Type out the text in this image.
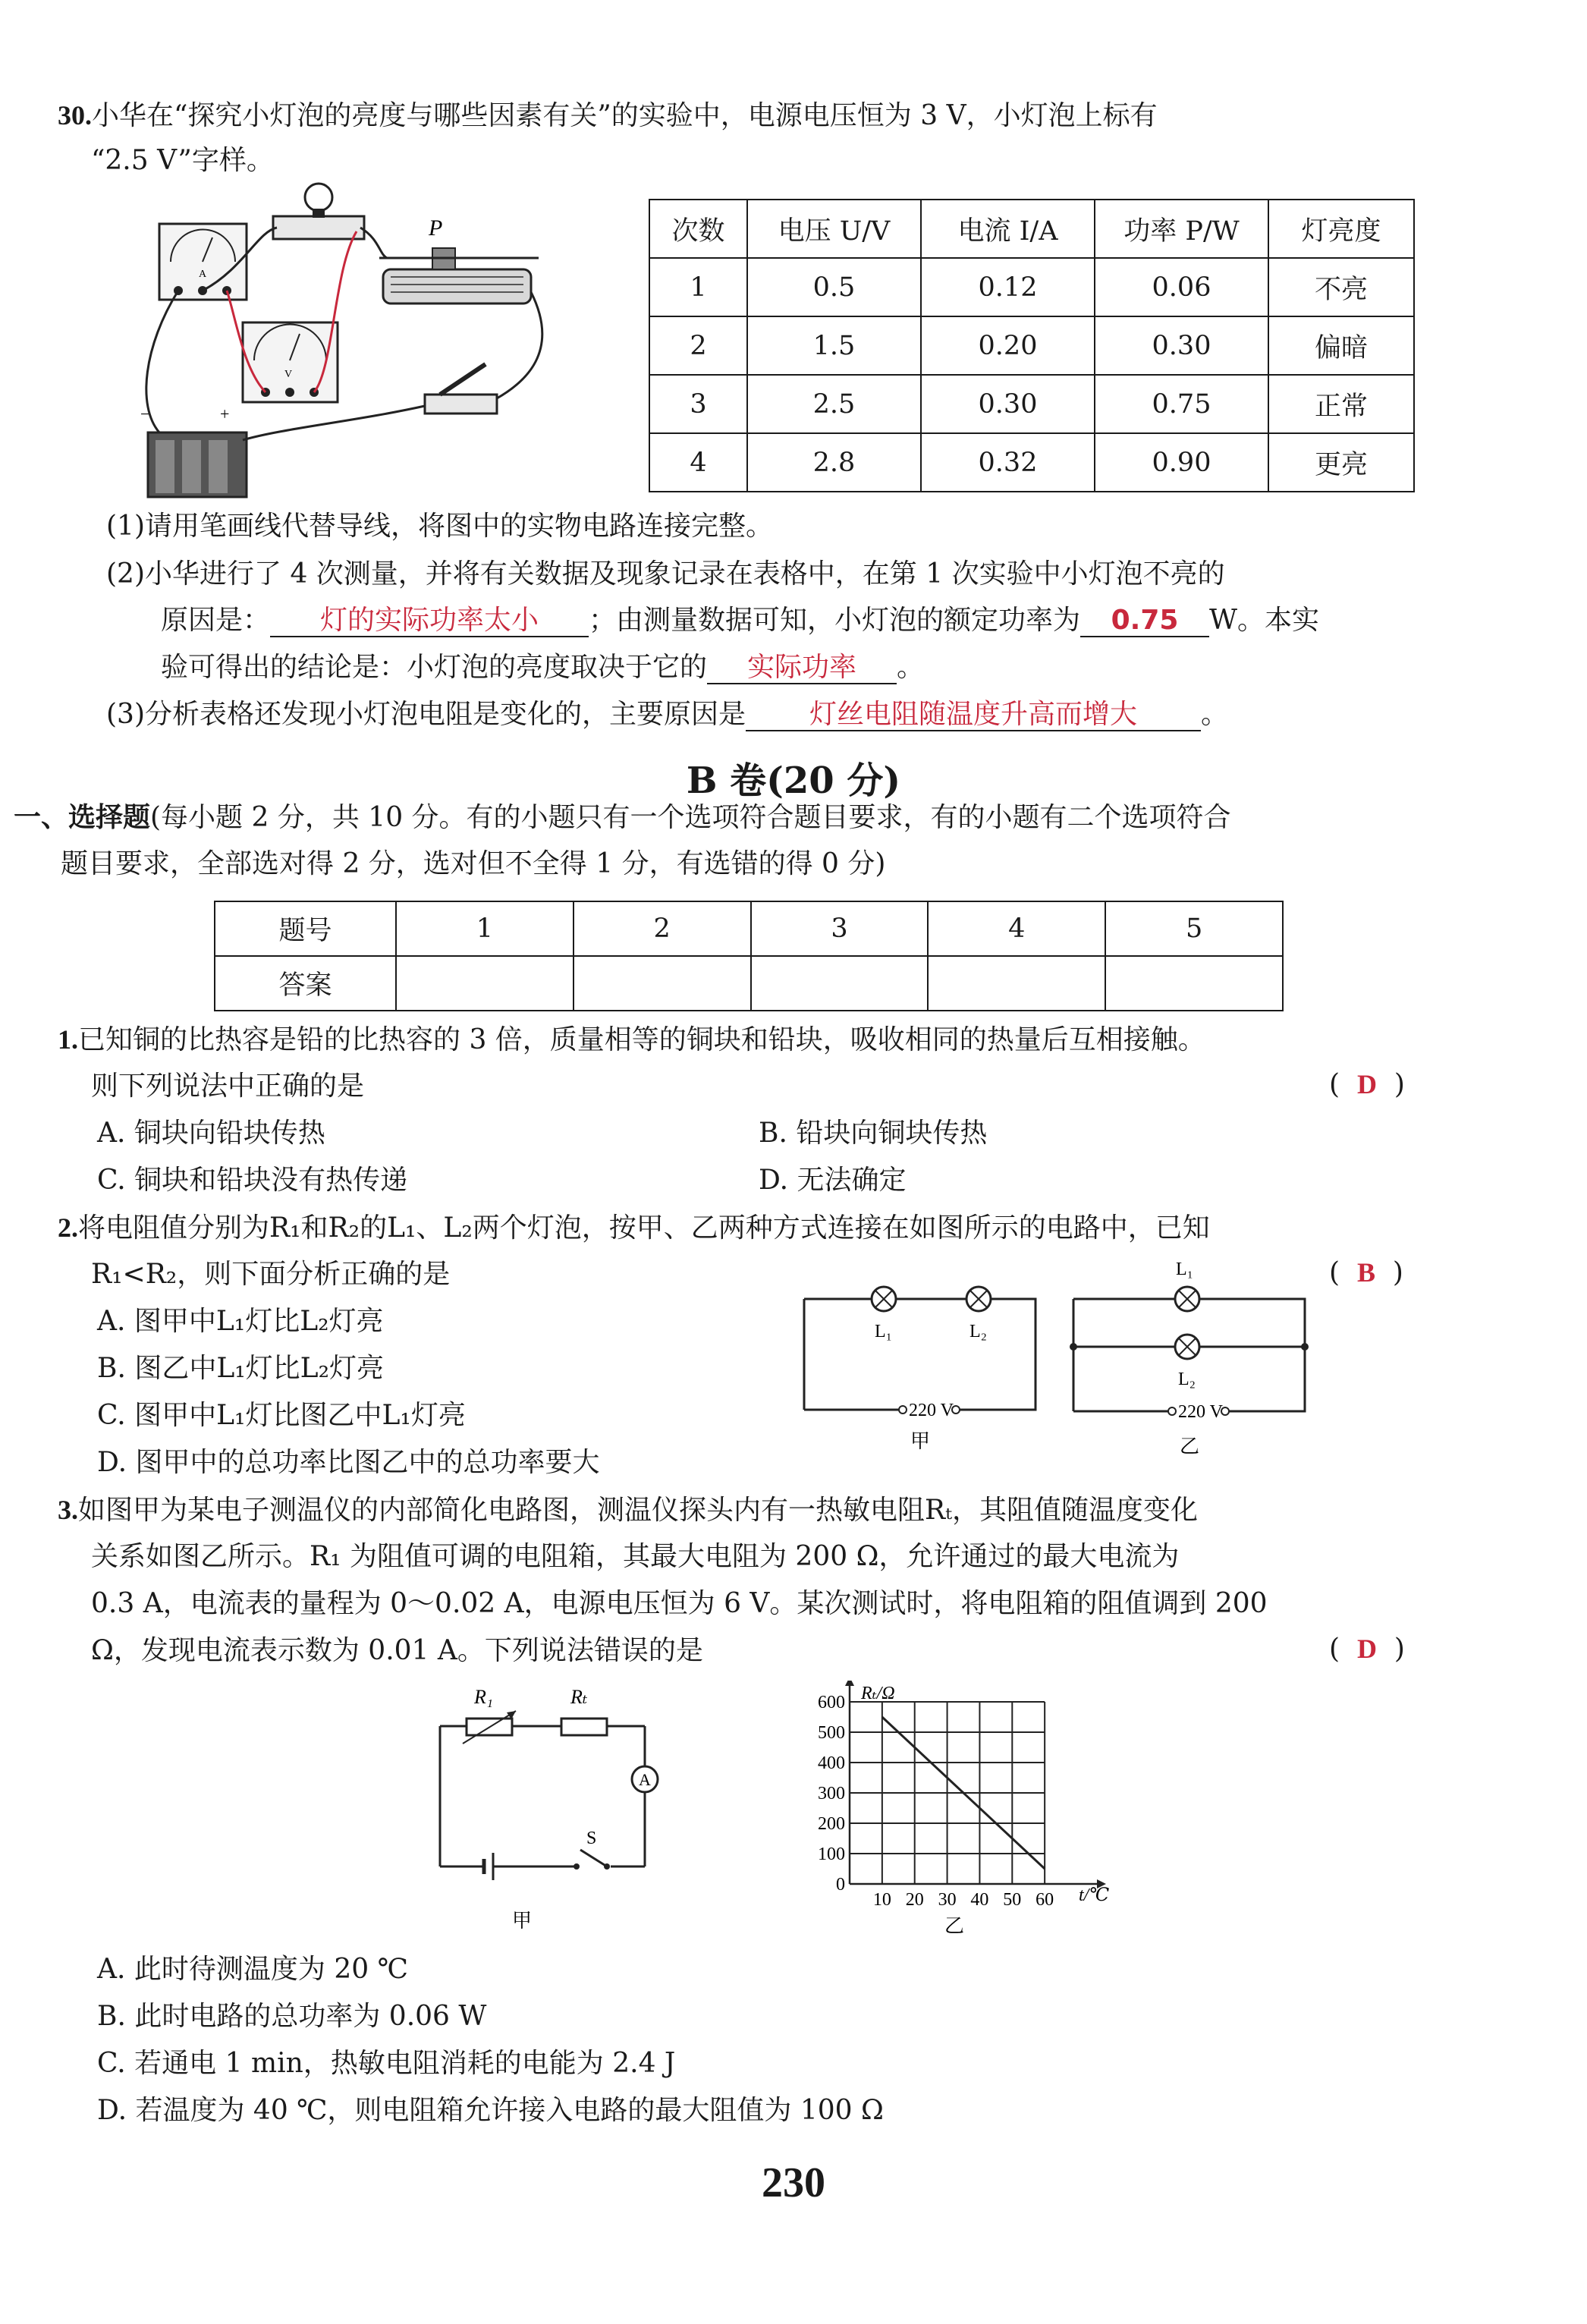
30.小华在“探究小灯泡的亮度与哪些因素有关”的实验中，电源电压恒为 3 V，小灯泡上标有
“2.5 V”字样。
A
V
P
+
−
次数	电压 U/V	电流 I/A	功率 P/W	灯亮度
1	0.5	0.12	0.06	不亮
2	1.5	0.20	0.30	偏暗
3	2.5	0.30	0.75	正常
4	2.8	0.32	0.90	更亮
(1)请用笔画线代替导线，将图中的实物电路连接完整。
(2)小华进行了 4 次测量，并将有关数据及现象记录在表格中，在第 1 次实验中小灯泡不亮的
原因是： 灯的实际功率太小 ；由测量数据可知，小灯泡的额定功率为 0.75 W。本实
验可得出的结论是：小灯泡的亮度取决于它的 实际功率 。
(3)分析表格还发现小灯泡电阻是变化的，主要原因是 灯丝电阻随温度升高而增大 。
B 卷(20 分)
一、选择题(每小题 2 分，共 10 分。有的小题只有一个选项符合题目要求，有的小题有二个选项符合
题目要求，全部选对得 2 分，选对但不全得 1 分，有选错的得 0 分)
题号	1	2	3	4	5
答案					
1.已知铜的比热容是铅的比热容的 3 倍，质量相等的铜块和铅块，吸收相同的热量后互相接触。
则下列说法中正确的是	(  D  )
A. 铜块向铅块传热	B. 铅块向铜块传热
C. 铜块和铅块没有热传递	D. 无法确定
2.将电阻值分别为R₁和R₂的L₁、L₂两个灯泡，按甲、乙两种方式连接在如图所示的电路中，已知
R₁<R₂，则下面分析正确的是	(  B  )
A. 图甲中L₁灯比L₂灯亮
B. 图乙中L₁灯比L₂灯亮
C. 图甲中L₁灯比图乙中L₁灯亮
D. 图甲中的总功率比图乙中的总功率要大
L₁	L₂
220 V
甲
L₁
L₂
220 V
乙
3.如图甲为某电子测温仪的内部简化电路图，测温仪探头内有一热敏电阻Rₜ，其阻值随温度变化
关系如图乙所示。R₁ 为阻值可调的电阻箱，其最大电阻为 200 Ω，允许通过的最大电流为
0.3 A，电流表的量程为 0～0.02 A，电源电压恒为 6 V。某次测试时，将电阻箱的阻值调到 200
Ω，发现电流表示数为 0.01 A。下列说法错误的是	(  D  )
R₁	Rₜ
A
S
甲
600
500
400
300
200
100
0
10 20 30 40 50 60
Rₜ/Ω
t/℃
乙
A. 此时待测温度为 20 ℃
B. 此时电路的总功率为 0.06 W
C. 若通电 1 min，热敏电阻消耗的电能为 2.4 J
D. 若温度为 40 ℃，则电阻箱允许接入电路的最大阻值为 100 Ω
230
